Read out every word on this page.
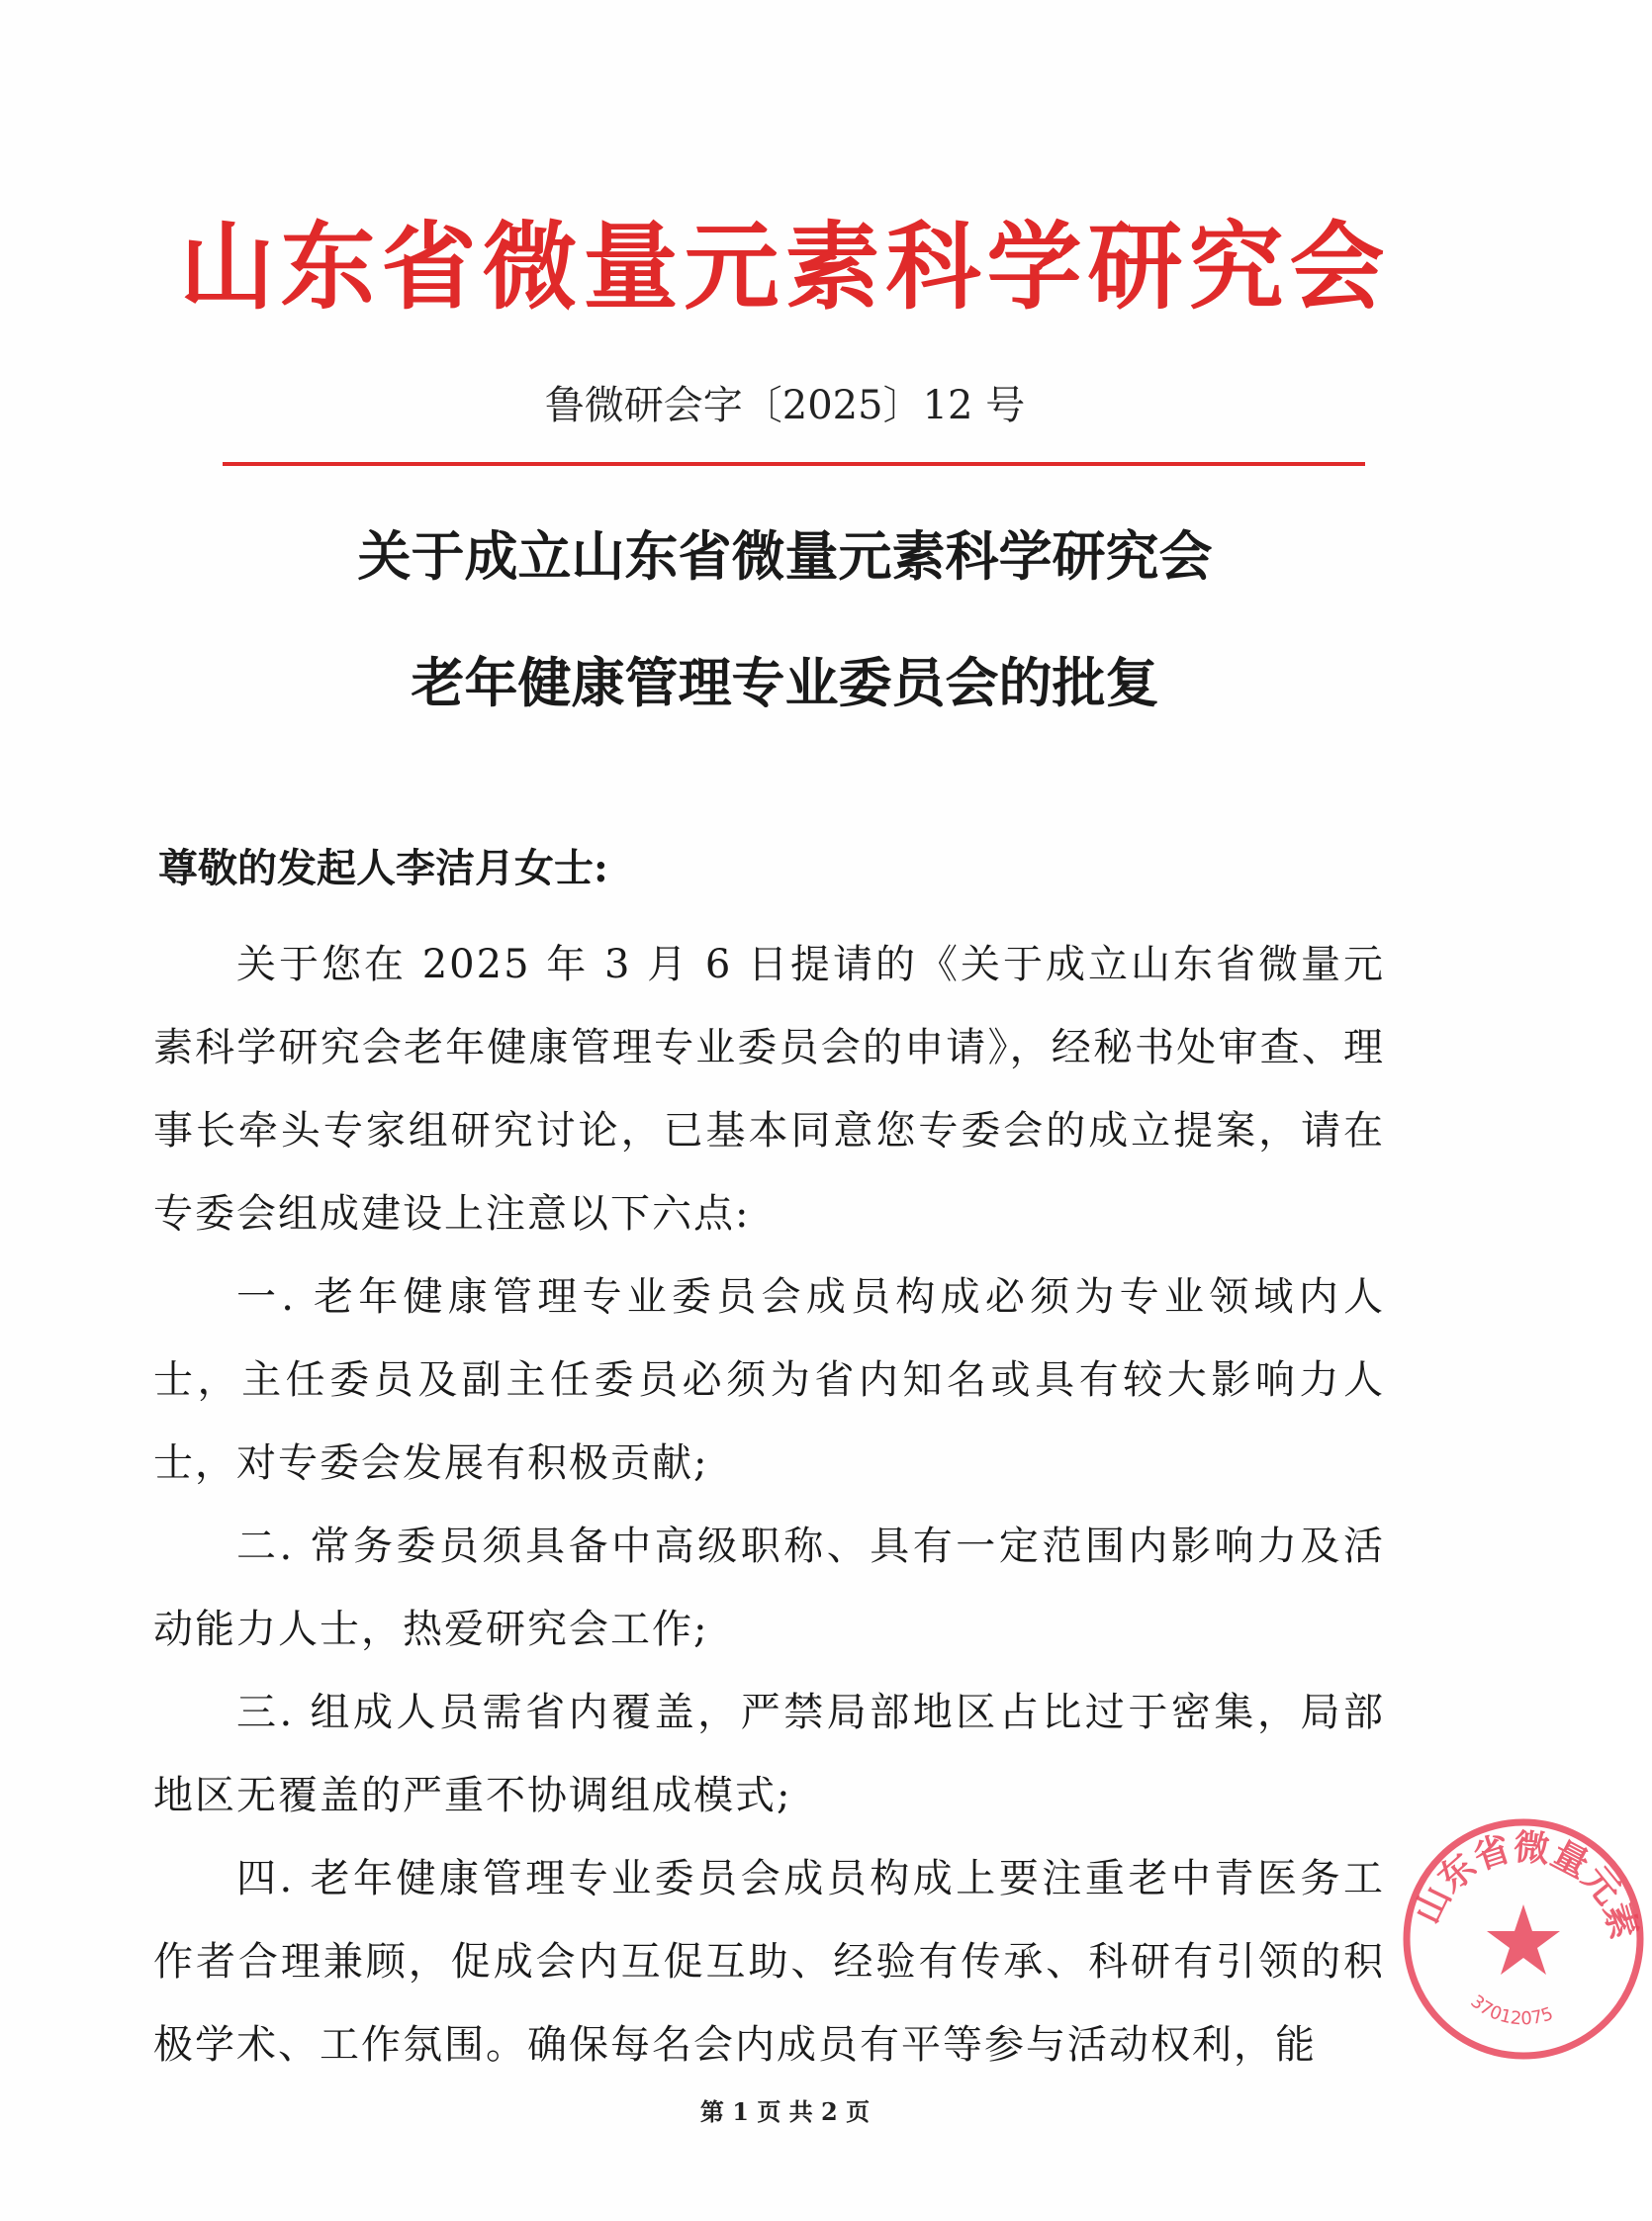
山东省微量元素科学研究会
鲁微研会字〔2025〕12 号
关于成立山东省微量元素科学研究会
老年健康管理专业委员会的批复
尊敬的发起人李洁月女士:

关于您在 2025 年 3 月 6 日提请的《关于成立山东省微量元素科学研究会老年健康管理专业委员会的申请》，经秘书处审查、理事长牵头专家组研究讨论，已基本同意您专委会的成立提案，请在专委会组成建设上注意以下六点:

一. 老年健康管理专业委员会成员构成必须为专业领域内人士，主任委员及副主任委员必须为省内知名或具有较大影响力人士，对专委会发展有积极贡献;

二. 常务委员须具备中高级职称、具有一定范围内影响力及活动能力人士，热爱研究会工作;

三. 组成人员需省内覆盖，严禁局部地区占比过于密集，局部地区无覆盖的严重不协调组成模式;

四. 老年健康管理专业委员会成员构成上要注重老中青医务工作者合理兼顾，促成会内互促互助、经验有传承、科研有引领的积极学术、工作氛围。确保每名会内成员有平等参与活动权利，能

第 1 页 共 2 页
山东省微量元素
37012075
